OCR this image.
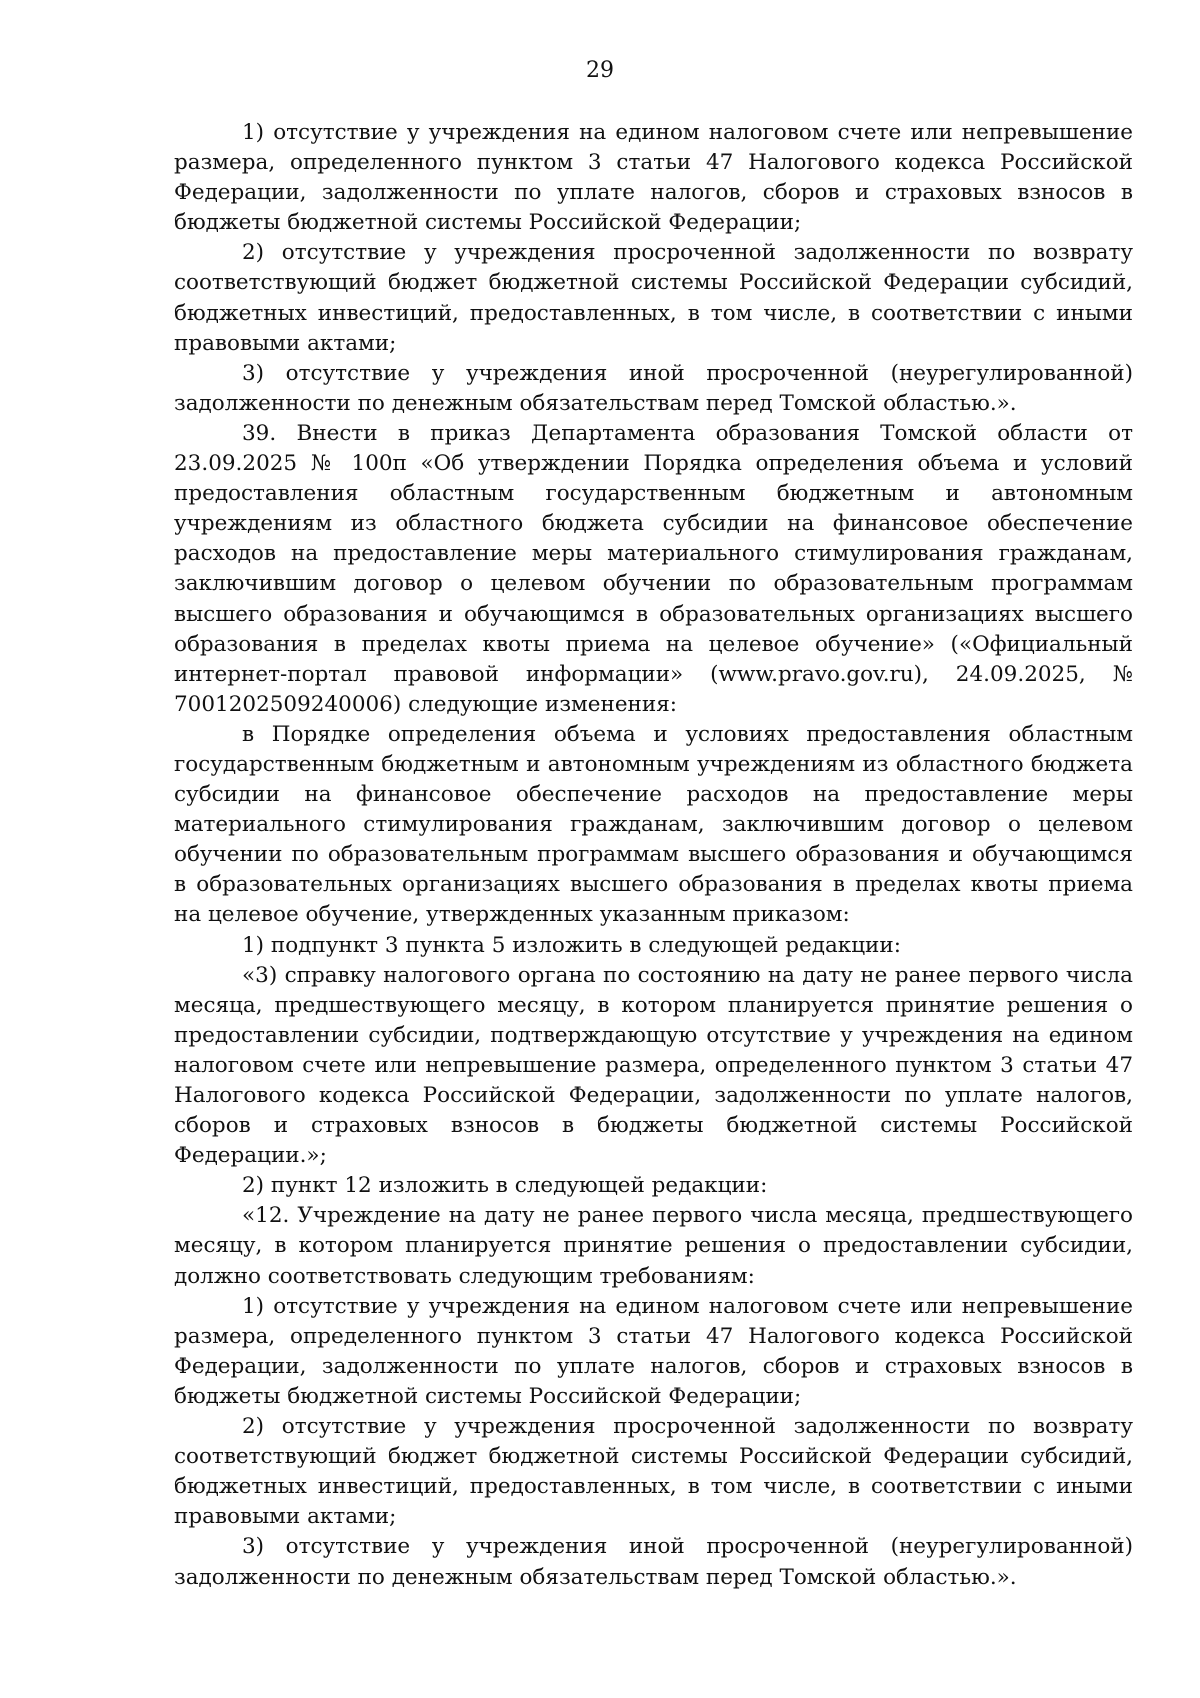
29

1) отсутствие у учреждения на едином налоговом счете или непревышение размера, определенного пунктом 3 статьи 47 Налогового кодекса Российской Федерации, задолженности по уплате налогов, сборов и страховых взносов в бюджеты бюджетной системы Российской Федерации;

2) отсутствие у учреждения просроченной задолженности по возврату соответствующий бюджет бюджетной системы Российской Федерации субсидий, бюджетных инвестиций, предоставленных, в том числе, в соответствии с иными правовыми актами;

3) отсутствие у учреждения иной просроченной (неурегулированной) задолженности по денежным обязательствам перед Томской областью.».

39. Внести в приказ Департамента образования Томской области от 23.09.2025 № 100п «Об утверждении Порядка определения объема и условий предоставления областным государственным бюджетным и автономным учреждениям из областного бюджета субсидии на финансовое обеспечение расходов на предоставление меры материального стимулирования гражданам, заключившим договор о целевом обучении по образовательным программам высшего образования и обучающимся в образовательных организациях высшего образования в пределах квоты приема на целевое обучение» («Официальный интернет-портал правовой информации» (www.pravo.gov.ru), 24.09.2025, № 7001202509240006) следующие изменения:

в Порядке определения объема и условиях предоставления областным государственным бюджетным и автономным учреждениям из областного бюджета субсидии на финансовое обеспечение расходов на предоставление меры материального стимулирования гражданам, заключившим договор о целевом обучении по образовательным программам высшего образования и обучающимся в образовательных организациях высшего образования в пределах квоты приема на целевое обучение, утвержденных указанным приказом:

1) подпункт 3 пункта 5 изложить в следующей редакции:

«3) справку налогового органа по состоянию на дату не ранее первого числа месяца, предшествующего месяцу, в котором планируется принятие решения о предоставлении субсидии, подтверждающую отсутствие у учреждения на едином налоговом счете или непревышение размера, определенного пунктом 3 статьи 47 Налогового кодекса Российской Федерации, задолженности по уплате налогов, сборов и страховых взносов в бюджеты бюджетной системы Российской Федерации.»;

2) пункт 12 изложить в следующей редакции:

«12. Учреждение на дату не ранее первого числа месяца, предшествующего месяцу, в котором планируется принятие решения о предоставлении субсидии, должно соответствовать следующим требованиям:

1) отсутствие у учреждения на едином налоговом счете или непревышение размера, определенного пунктом 3 статьи 47 Налогового кодекса Российской Федерации, задолженности по уплате налогов, сборов и страховых взносов в бюджеты бюджетной системы Российской Федерации;

2) отсутствие у учреждения просроченной задолженности по возврату соответствующий бюджет бюджетной системы Российской Федерации субсидий, бюджетных инвестиций, предоставленных, в том числе, в соответствии с иными правовыми актами;

3) отсутствие у учреждения иной просроченной (неурегулированной) задолженности по денежным обязательствам перед Томской областью.».
